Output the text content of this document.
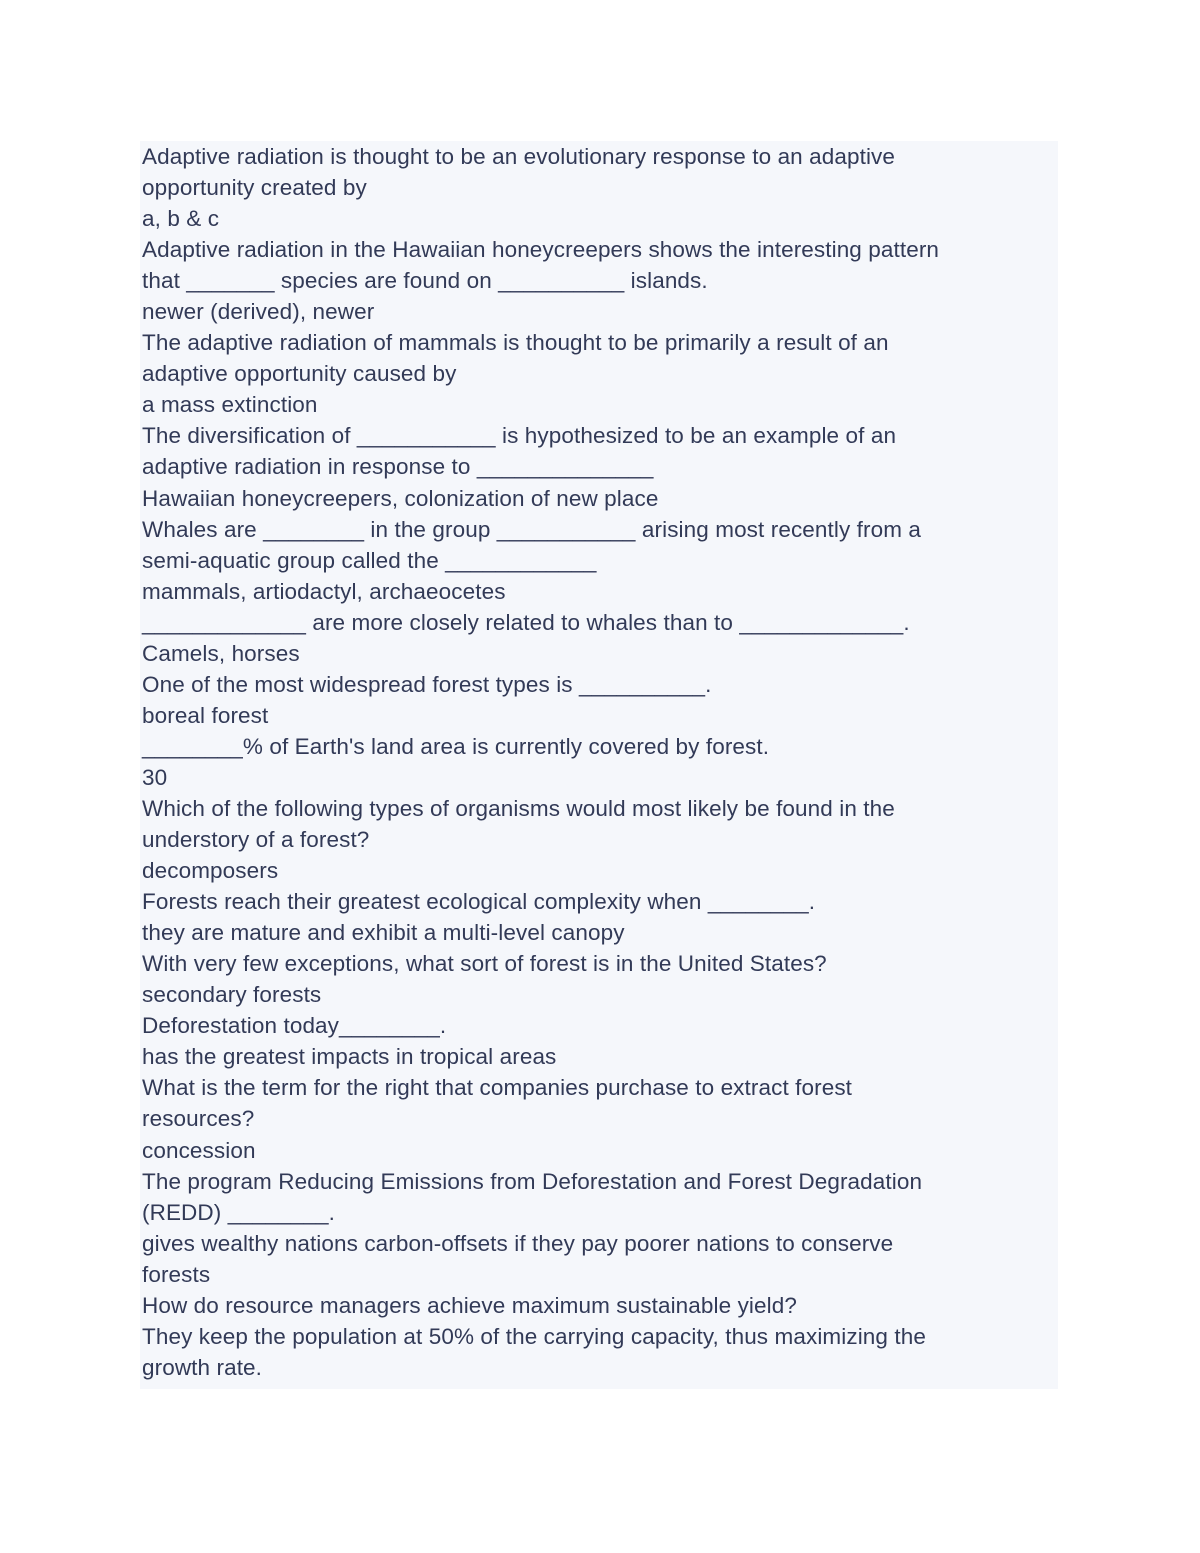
Adaptive radiation is thought to be an evolutionary response to an adaptive

opportunity created by

a, b & c

Adaptive radiation in the Hawaiian honeycreepers shows the interesting pattern

that _______ species are found on __________ islands.

newer (derived), newer

The adaptive radiation of mammals is thought to be primarily a result of an

adaptive opportunity caused by

a mass extinction

The diversification of ___________ is hypothesized to be an example of an

adaptive radiation in response to ______________

Hawaiian honeycreepers, colonization of new place

Whales are ________ in the group ___________ arising most recently from a

semi-aquatic group called the ____________

mammals, artiodactyl, archaeocetes

_____________ are more closely related to whales than to _____________.

Camels, horses

One of the most widespread forest types is __________.

boreal forest

________% of Earth's land area is currently covered by forest.

30

Which of the following types of organisms would most likely be found in the

understory of a forest?

decomposers

Forests reach their greatest ecological complexity when ________.

they are mature and exhibit a multi-level canopy

With very few exceptions, what sort of forest is in the United States?

secondary forests

Deforestation today________.

has the greatest impacts in tropical areas

What is the term for the right that companies purchase to extract forest

resources?

concession

The program Reducing Emissions from Deforestation and Forest Degradation

(REDD) ________.

gives wealthy nations carbon-offsets if they pay poorer nations to conserve

forests

How do resource managers achieve maximum sustainable yield?

They keep the population at 50% of the carrying capacity, thus maximizing the

growth rate.
